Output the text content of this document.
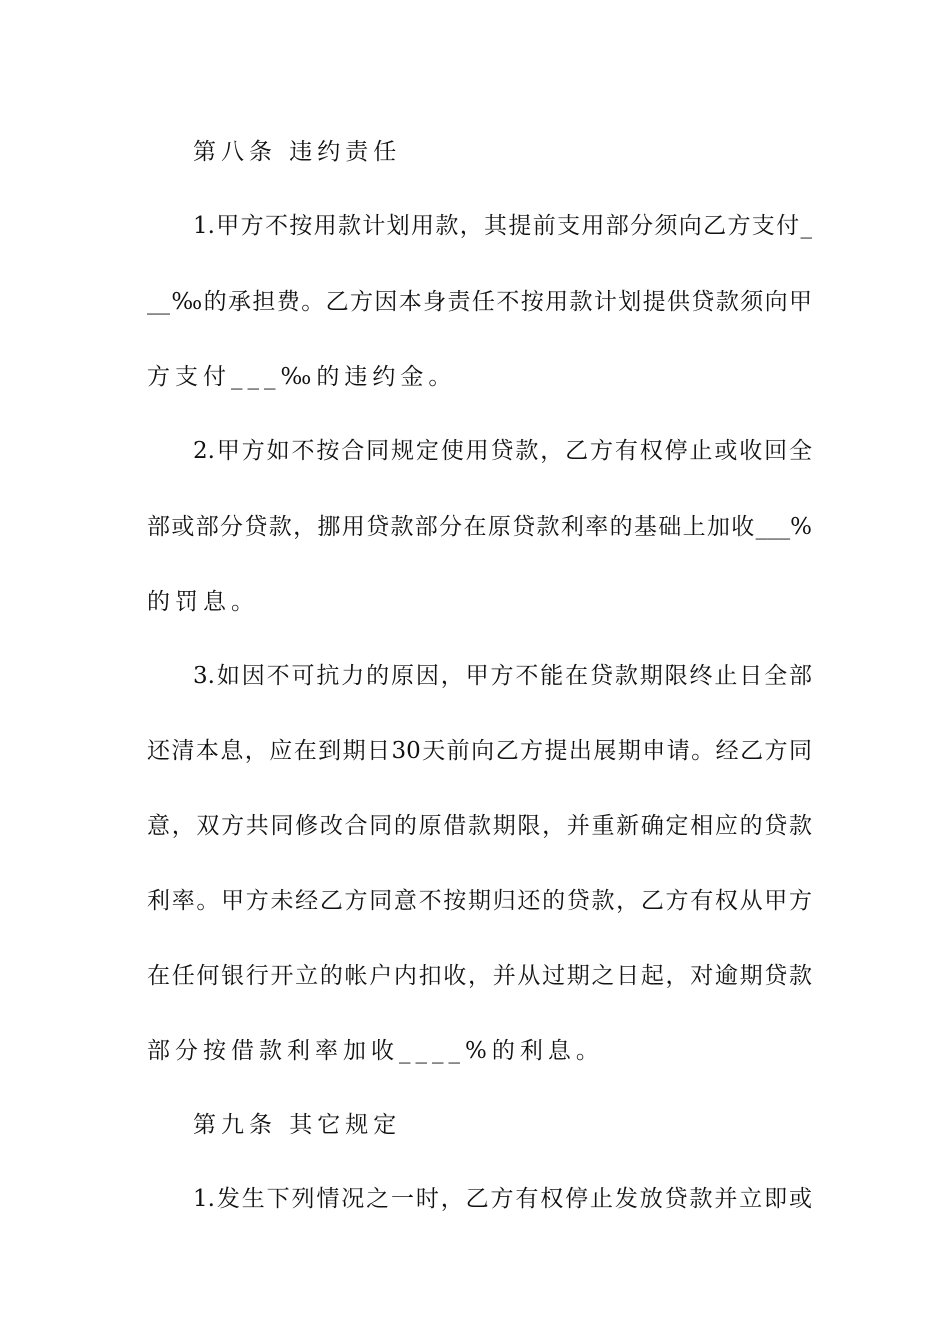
第八条 违约责任
1.甲方不按用款计划用款，其提前支用部分须向乙方支付_
__‰的承担费。乙方因本身责任不按用款计划提供贷款须向甲
方支付___‰的违约金。
2.甲方如不按合同规定使用贷款，乙方有权停止或收回全
部或部分贷款，挪用贷款部分在原贷款利率的基础上加收___%
的罚息。
3.如因不可抗力的原因，甲方不能在贷款期限终止日全部
还清本息，应在到期日30天前向乙方提出展期申请。经乙方同
意，双方共同修改合同的原借款期限，并重新确定相应的贷款
利率。甲方未经乙方同意不按期归还的贷款，乙方有权从甲方
在任何银行开立的帐户内扣收，并从过期之日起，对逾期贷款
部分按借款利率加收____%的利息。
第九条 其它规定
1.发生下列情况之一时，乙方有权停止发放贷款并立即或
